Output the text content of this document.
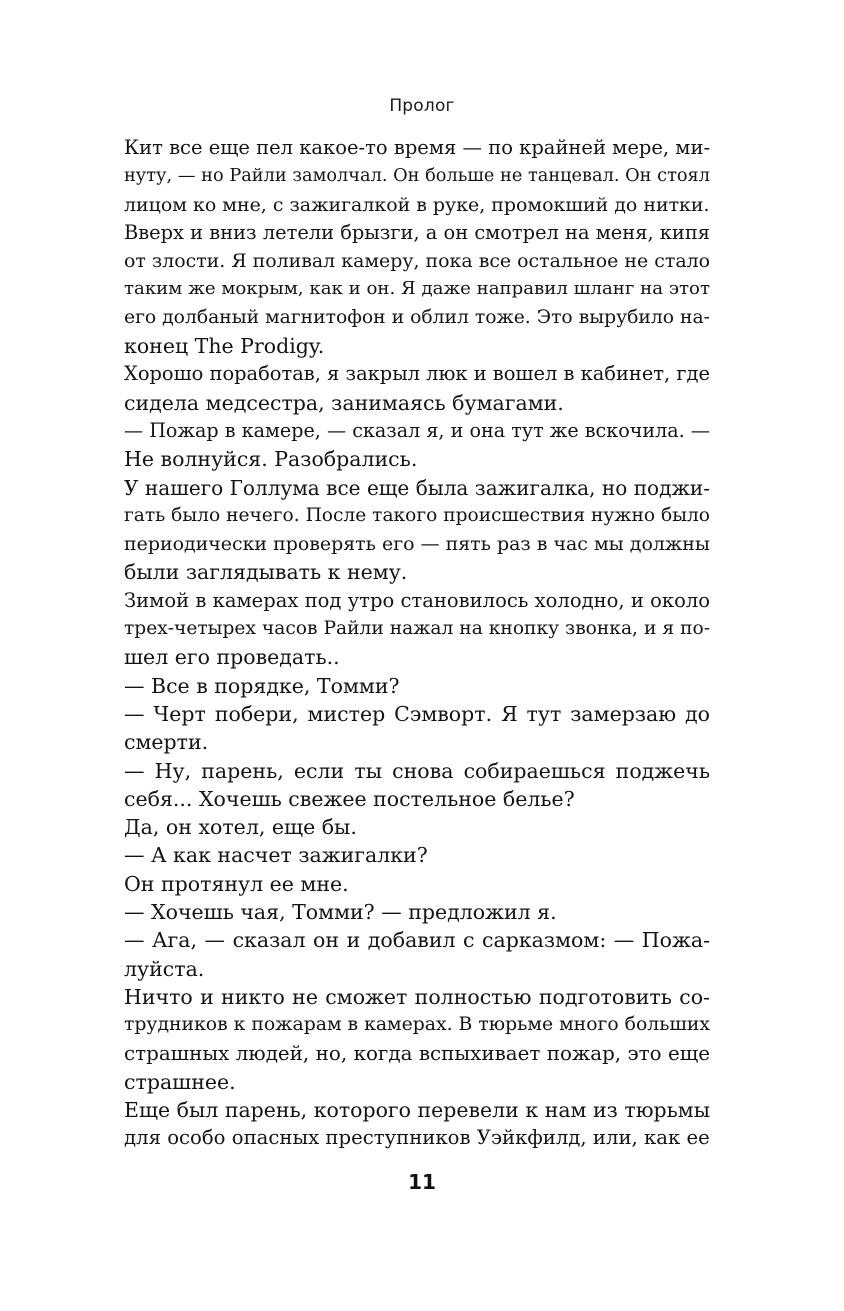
Пролог
Кит все еще пел какое-то время — по крайней мере, ми-
нуту, — но Райли замолчал. Он больше не танцевал. Он стоял
лицом ко мне, с зажигалкой в руке, промокший до нитки.
Вверх и вниз летели брызги, а он смотрел на меня, кипя
от злости. Я поливал камеру, пока все остальное не стало
таким же мокрым, как и он. Я даже направил шланг на этот
его долбаный магнитофон и облил тоже. Это вырубило на-
конец The Prodigy.
Хорошо поработав, я закрыл люк и вошел в кабинет, где
сидела медсестра, занимаясь бумагами.
— Пожар в камере, — сказал я, и она тут же вскочила. —
Не волнуйся. Разобрались.
У нашего Голлума все еще была зажигалка, но поджи-
гать было нечего. После такого происшествия нужно было
периодически проверять его — пять раз в час мы должны
были заглядывать к нему.
Зимой в камерах под утро становилось холодно, и около
трех-четырех часов Райли нажал на кнопку звонка, и я по-
шел его проведать..
— Все в порядке, Томми?
— Черт побери, мистер Сэмворт. Я тут замерзаю до
смерти.
— Ну, парень, если ты снова собираешься поджечь
себя... Хочешь свежее постельное белье?
Да, он хотел, еще бы.
— А как насчет зажигалки?
Он протянул ее мне.
— Хочешь чая, Томми? — предложил я.
— Ага, — сказал он и добавил с сарказмом: — Пожа-
луйста.
Ничто и никто не сможет полностью подготовить со-
трудников к пожарам в камерах. В тюрьме много больших
страшных людей, но, когда вспыхивает пожар, это еще
страшнее.
Еще был парень, которого перевели к нам из тюрьмы
для особо опасных преступников Уэйкфилд, или, как ее
11
